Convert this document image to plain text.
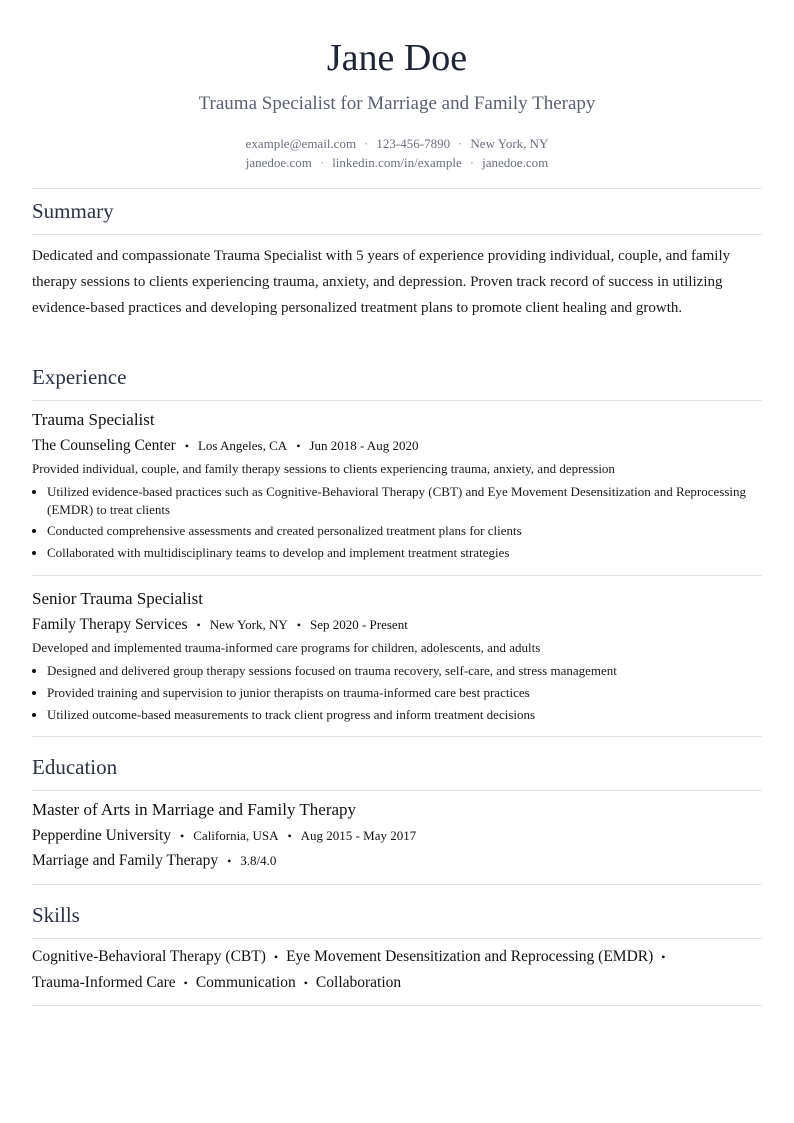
Jane Doe
Trauma Specialist for Marriage and Family Therapy
example@email.com · 123-456-7890 · New York, NY
janedoe.com · linkedin.com/in/example · janedoe.com
Summary
Dedicated and compassionate Trauma Specialist with 5 years of experience providing individual, couple, and family therapy sessions to clients experiencing trauma, anxiety, and depression. Proven track record of success in utilizing evidence-based practices and developing personalized treatment plans to promote client healing and growth.
Experience
Trauma Specialist
The Counseling Center • Los Angeles, CA • Jun 2018 - Aug 2020
Provided individual, couple, and family therapy sessions to clients experiencing trauma, anxiety, and depression
Utilized evidence-based practices such as Cognitive-Behavioral Therapy (CBT) and Eye Movement Desensitization and Reprocessing (EMDR) to treat clients
Conducted comprehensive assessments and created personalized treatment plans for clients
Collaborated with multidisciplinary teams to develop and implement treatment strategies
Senior Trauma Specialist
Family Therapy Services • New York, NY • Sep 2020 - Present
Developed and implemented trauma-informed care programs for children, adolescents, and adults
Designed and delivered group therapy sessions focused on trauma recovery, self-care, and stress management
Provided training and supervision to junior therapists on trauma-informed care best practices
Utilized outcome-based measurements to track client progress and inform treatment decisions
Education
Master of Arts in Marriage and Family Therapy
Pepperdine University • California, USA • Aug 2015 - May 2017
Marriage and Family Therapy • 3.8/4.0
Skills
Cognitive-Behavioral Therapy (CBT) • Eye Movement Desensitization and Reprocessing (EMDR) •
Trauma-Informed Care • Communication • Collaboration
